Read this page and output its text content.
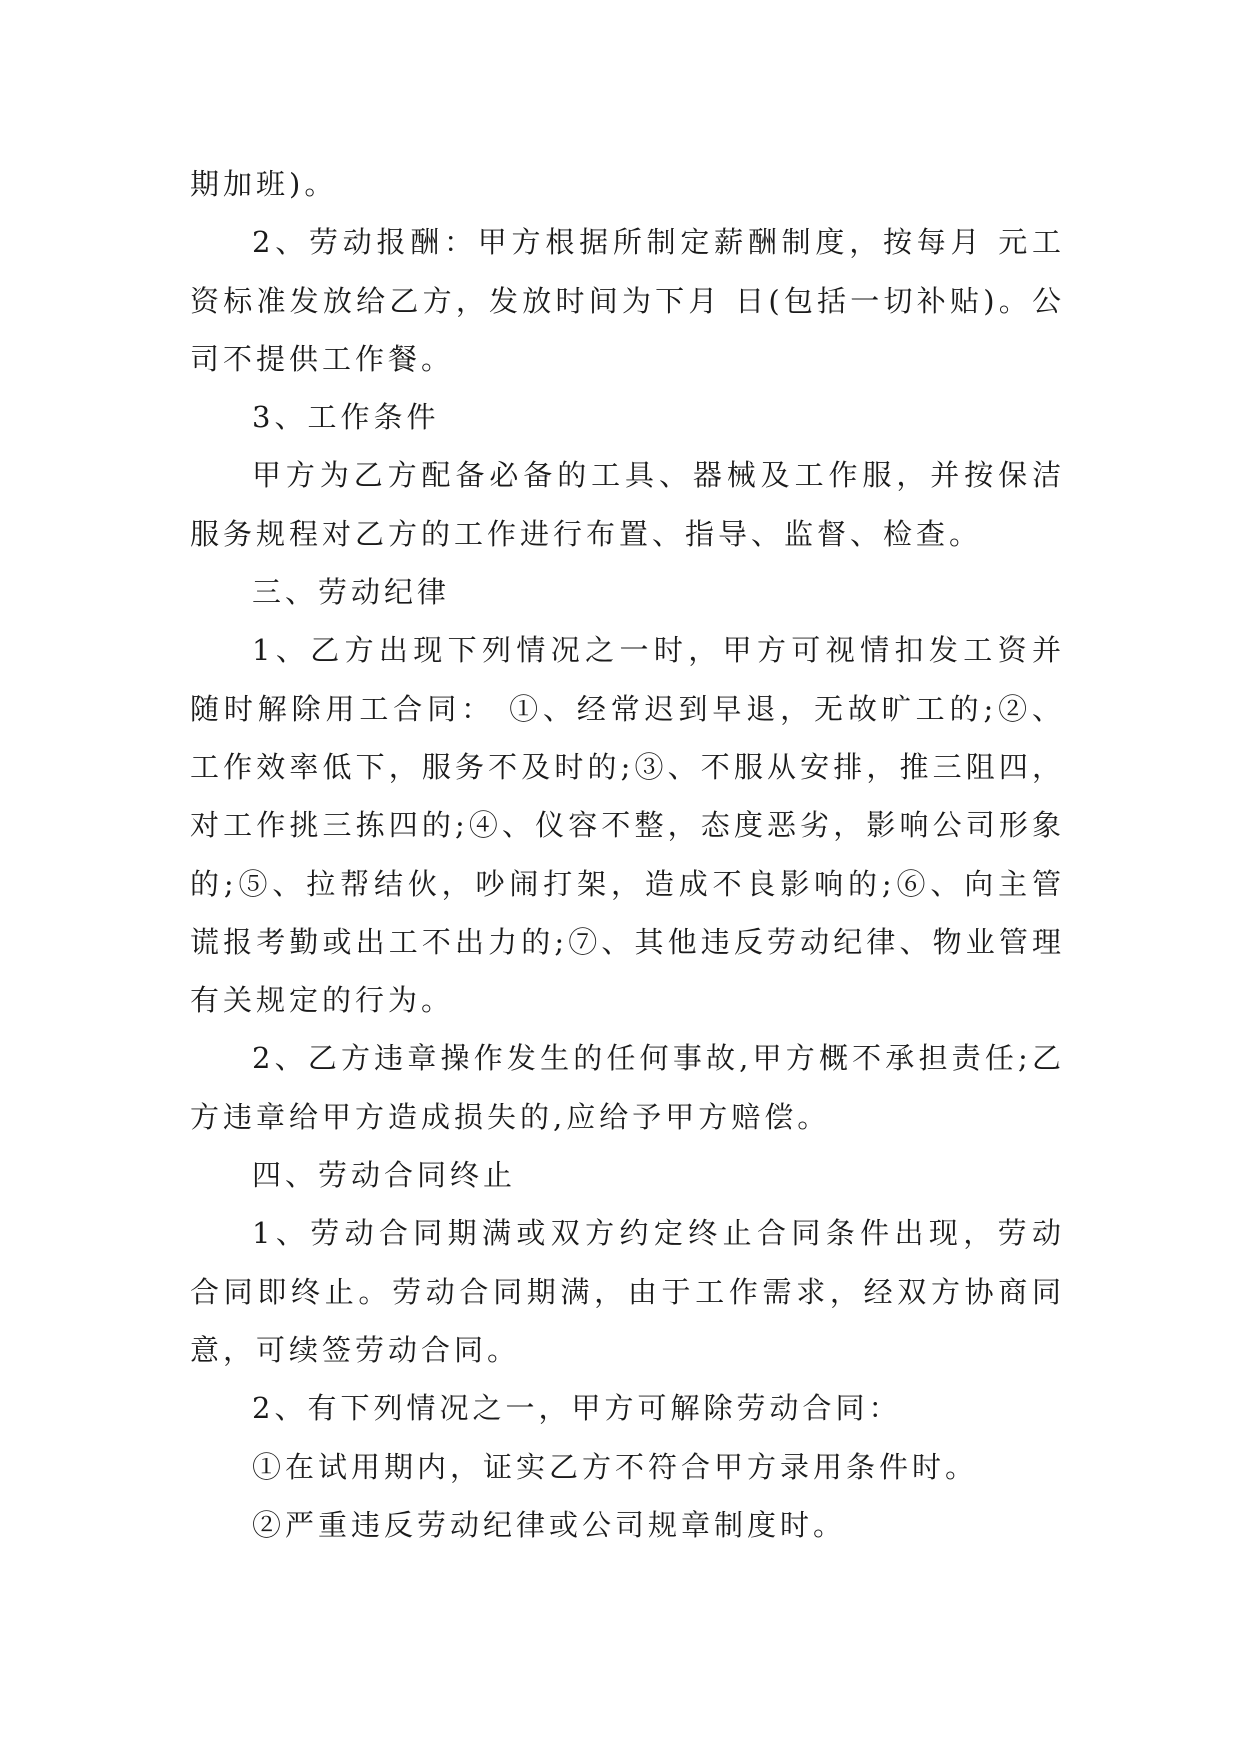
期加班)。

2、劳动报酬：甲方根据所制定薪酬制度，按每月 元工资标准发放给乙方，发放时间为下月 日(包括一切补贴)。公司不提供工作餐。

3、工作条件

甲方为乙方配备必备的工具、器械及工作服，并按保洁服务规程对乙方的工作进行布置、指导、监督、检查。

三、劳动纪律

1、乙方出现下列情况之一时，甲方可视情扣发工资并随时解除用工合同： ①、经常迟到早退，无故旷工的;②、工作效率低下，服务不及时的;③、不服从安排，推三阻四，对工作挑三拣四的;④、仪容不整，态度恶劣，影响公司形象的;⑤、拉帮结伙，吵闹打架，造成不良影响的;⑥、向主管谎报考勤或出工不出力的;⑦、其他违反劳动纪律、物业管理有关规定的行为。

2、乙方违章操作发生的任何事故,甲方概不承担责任;乙方违章给甲方造成损失的,应给予甲方赔偿。

四、劳动合同终止

1、劳动合同期满或双方约定终止合同条件出现，劳动合同即终止。劳动合同期满，由于工作需求，经双方协商同意，可续签劳动合同。

2、有下列情况之一，甲方可解除劳动合同：

①在试用期内，证实乙方不符合甲方录用条件时。

②严重违反劳动纪律或公司规章制度时。
